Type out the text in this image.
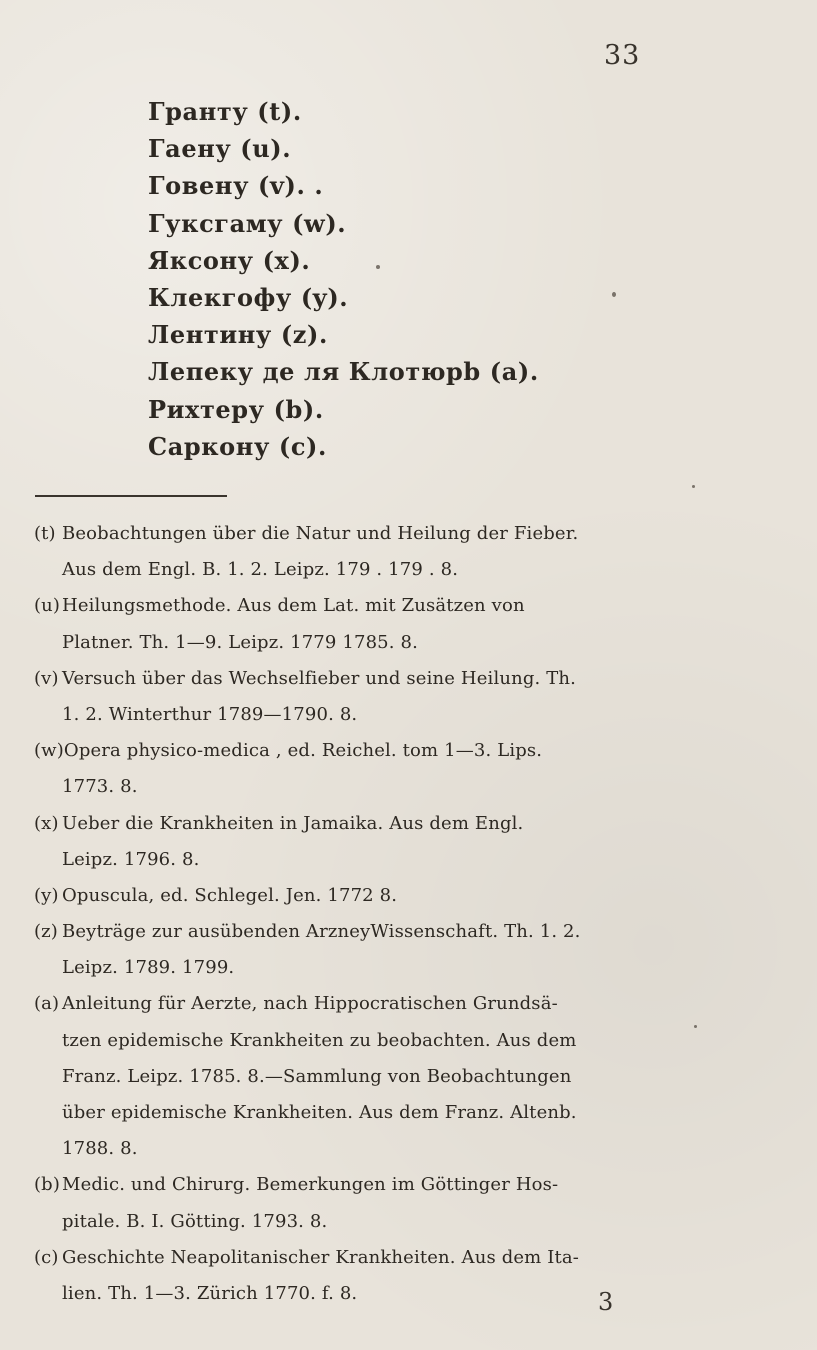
33
Гранту (t).
Гаену (u).
Говену (v). .
Гуксгаму (w).
Яксону (x).
Клекгофу (y).
Лентину (z).
Лепеку де ля Клотюрb (a).
Рихтеру (b).
Саркону (c).
(t) Beobachtungen über die Natur und Heilung der Fieber.
Aus dem Engl. B. 1. 2. Leipz. 179 . 179 . 8.
(u) Heilungsmethode. Aus dem Lat. mit Zusätzen von
Platner. Th. 1—9. Leipz. 1779 1785. 8.
(v) Versuch über das Wechselfieber und seine Heilung. Th.
1. 2. Winterthur 1789—1790. 8.
(w)Opera physico-medica , ed. Reichel. tom 1—3. Lips.
1773. 8.
(x) Ueber die Krankheiten in Jamaika. Aus dem Engl.
Leipz. 1796. 8.
(y) Opuscula, ed. Schlegel. Jen. 1772 8.
(z) Beyträge zur ausübenden ArzneyWissenschaft. Th. 1. 2.
Leipz. 1789. 1799.
(a) Anleitung für Aerzte, nach Hippocratischen Grundsä-
tzen epidemische Krankheiten zu beobachten. Aus dem
Franz. Leipz. 1785. 8.—Sammlung von Beobachtungen
über epidemische Krankheiten. Aus dem Franz. Altenb.
1788. 8.
(b) Medic. und Chirurg. Bemerkungen im Göttinger Hos-
pitale. B. I. Götting. 1793. 8.
(c) Geschichte Neapolitanischer Krankheiten. Aus dem Ita-
lien. Th. 1—3. Zürich 1770. f. 8.	3
